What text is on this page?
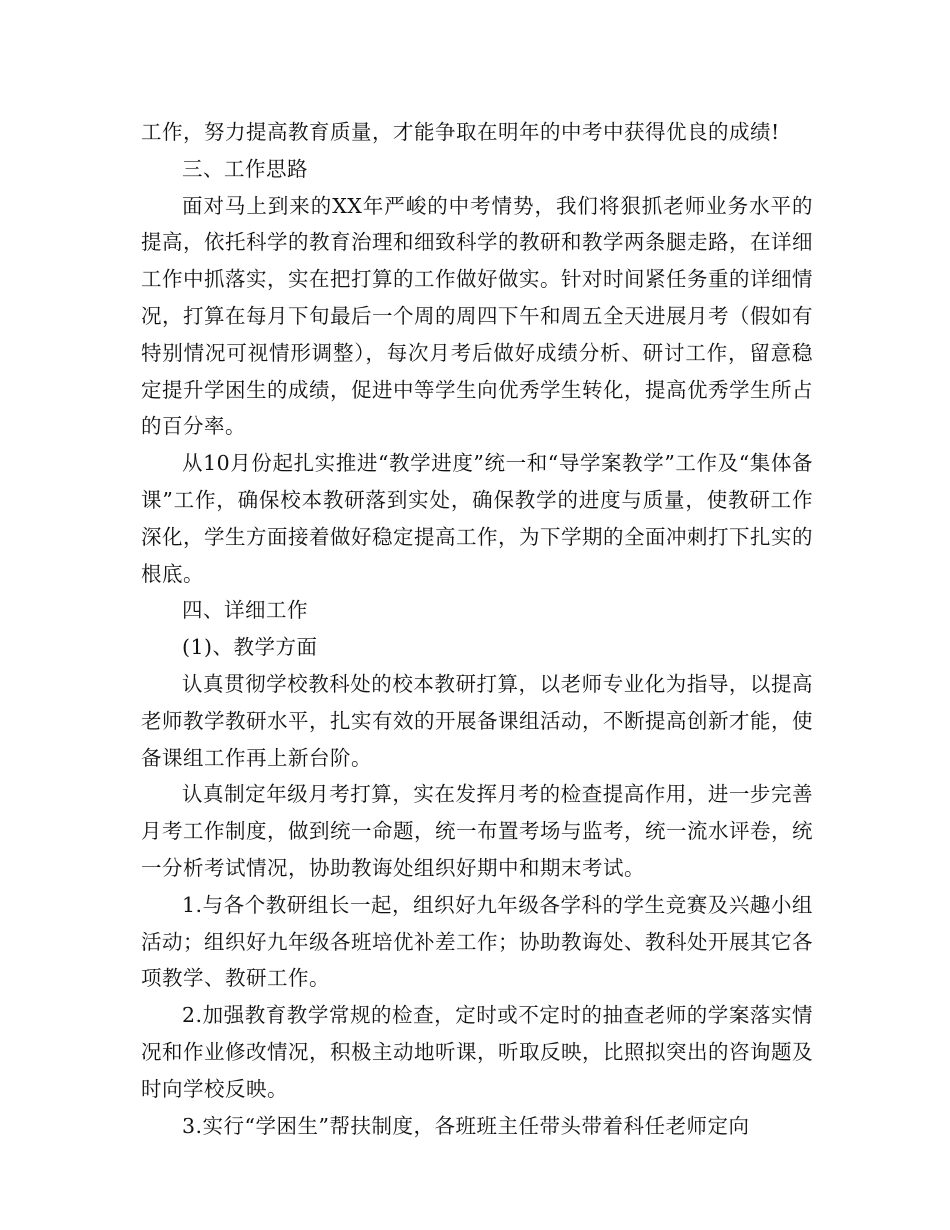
工作，努力提高教育质量，才能争取在明年的中考中获得优良的成绩!

三、工作思路

面对马上到来的XX年严峻的中考情势，我们将狠抓老师业务水平的提高，依托科学的教育治理和细致科学的教研和教学两条腿走路，在详细工作中抓落实，实在把打算的工作做好做实。针对时间紧任务重的详细情况，打算在每月下旬最后一个周的周四下午和周五全天进展月考（假如有特别情况可视情形调整），每次月考后做好成绩分析、研讨工作，留意稳定提升学困生的成绩，促进中等学生向优秀学生转化，提高优秀学生所占的百分率。

从10月份起扎实推进“教学进度”统一和“导学案教学”工作及“集体备课”工作，确保校本教研落到实处，确保教学的进度与质量，使教研工作深化，学生方面接着做好稳定提高工作，为下学期的全面冲刺打下扎实的根底。

四、详细工作

(1)、教学方面

认真贯彻学校教科处的校本教研打算，以老师专业化为指导，以提高老师教学教研水平，扎实有效的开展备课组活动，不断提高创新才能，使备课组工作再上新台阶。

认真制定年级月考打算，实在发挥月考的检查提高作用，进一步完善月考工作制度，做到统一命题，统一布置考场与监考，统一流水评卷，统一分析考试情况，协助教诲处组织好期中和期末考试。

1.与各个教研组长一起，组织好九年级各学科的学生竞赛及兴趣小组活动；组织好九年级各班培优补差工作；协助教诲处、教科处开展其它各项教学、教研工作。

2.加强教育教学常规的检查，定时或不定时的抽查老师的学案落实情况和作业修改情况，积极主动地听课，听取反映，比照拟突出的咨询题及时向学校反映。

3.实行“学困生”帮扶制度，各班班主任带头带着科任老师定向
